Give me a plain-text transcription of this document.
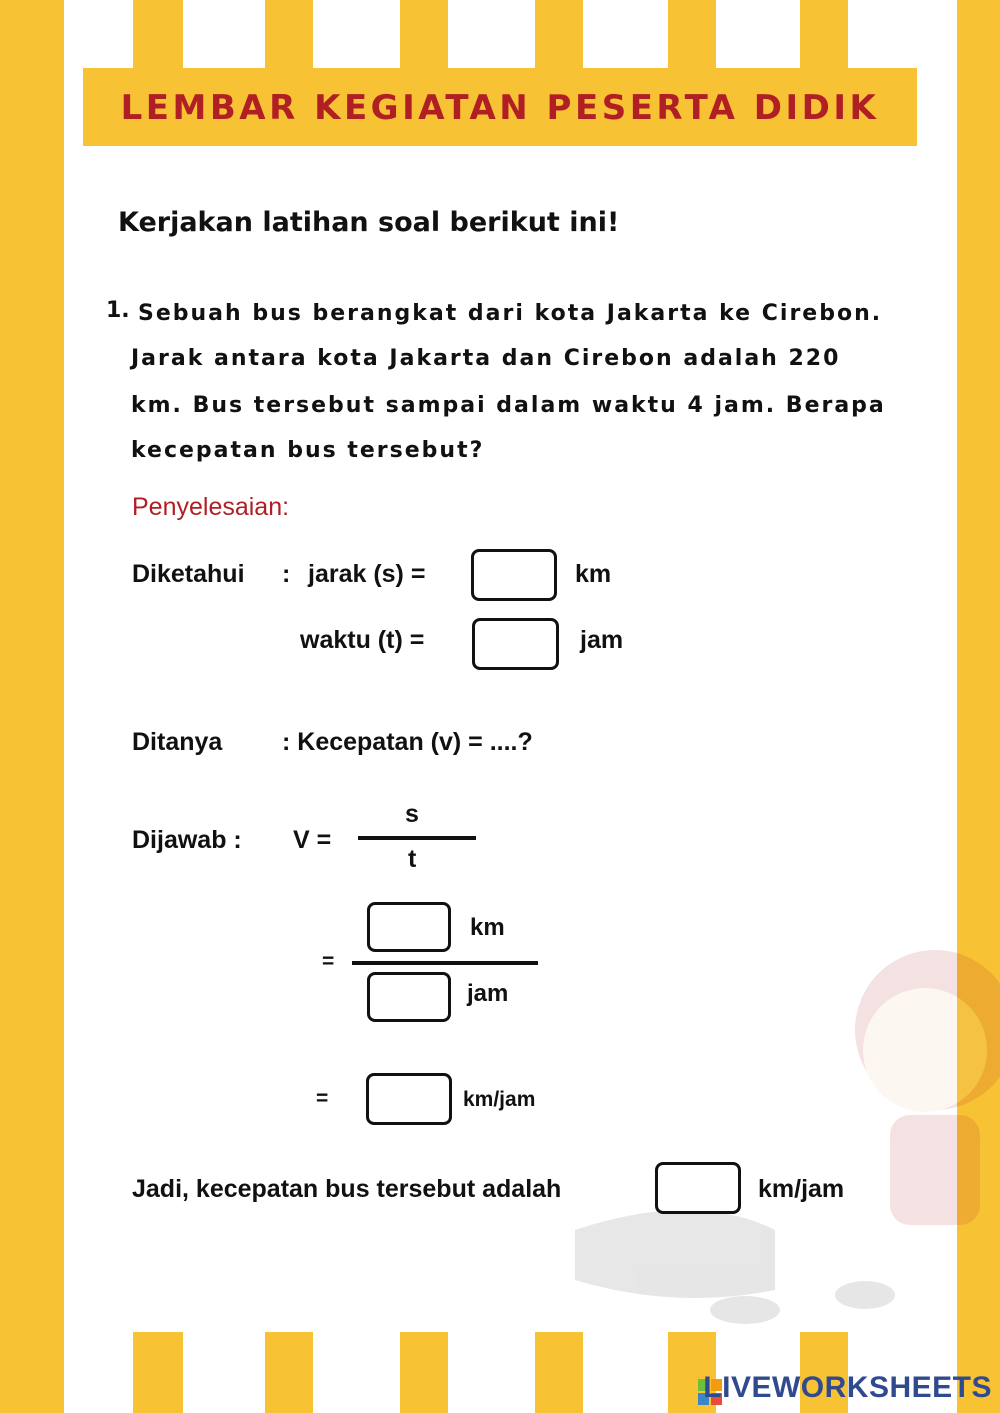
LEMBAR KEGIATAN PESERTA DIDIK
Kerjakan latihan soal berikut ini!
1. Sebuah bus berangkat dari kota Jakarta ke Cirebon.
Jarak antara kota Jakarta dan Cirebon adalah 220
km. Bus tersebut sampai dalam waktu 4 jam. Berapa
kecepatan bus tersebut?
Penyelesaian:
Diketahui : jarak (s) =	km
waktu (t) =	jam
Ditanya : Kecepatan (v) = ....?
Dijawab : V =
s
t
km
=
jam
=	km/jam
Jadi, kecepatan bus tersebut adalah	km/jam
LIVEWORKSHEETS
